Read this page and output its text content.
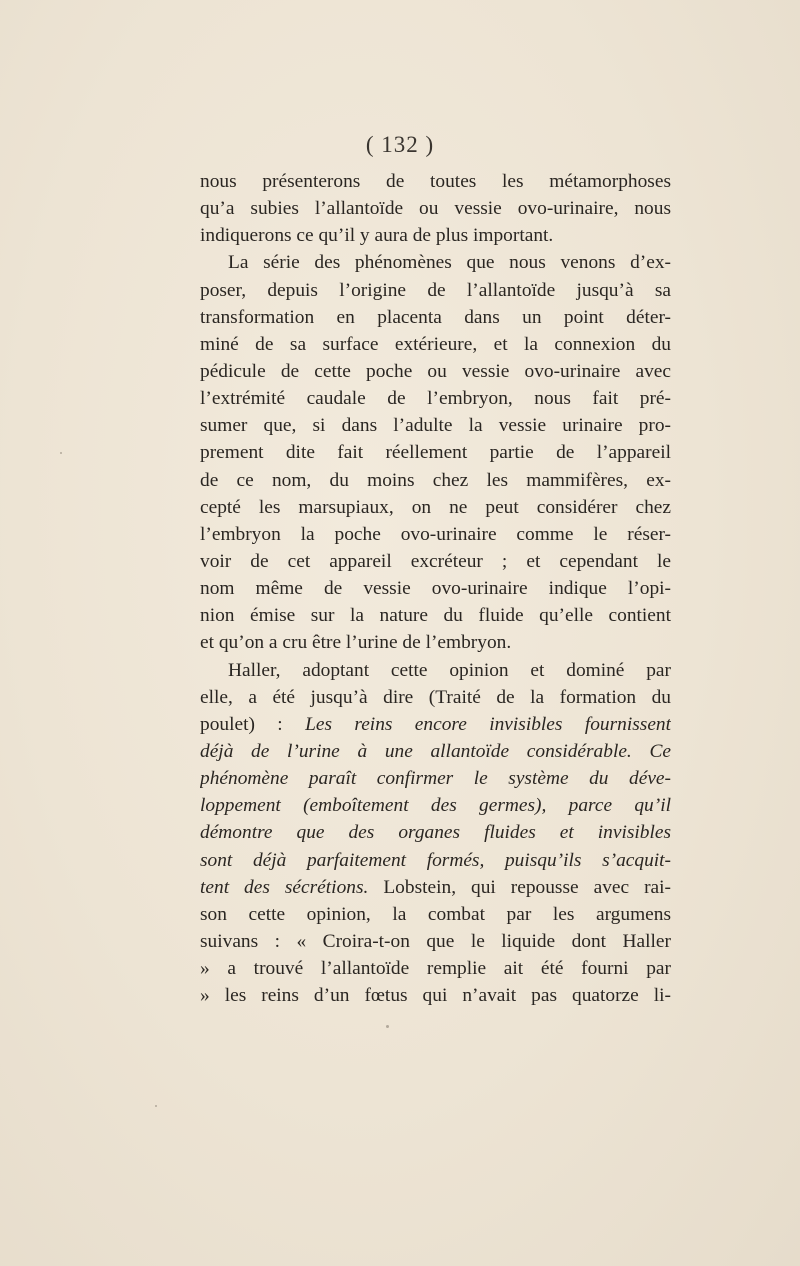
( 132 )
nous présenterons de toutes les métamorphoses
qu’a subies l’allantoïde ou vessie ovo-urinaire, nous
indiquerons ce qu’il y aura de plus important.
La série des phénomènes que nous venons d’ex-
poser, depuis l’origine de l’allantoïde jusqu’à sa
transformation en placenta dans un point déter-
miné de sa surface extérieure, et la connexion du
pédicule de cette poche ou vessie ovo-urinaire avec
l’extrémité caudale de l’embryon, nous fait pré-
sumer que, si dans l’adulte la vessie urinaire pro-
prement dite fait réellement partie de l’appareil
de ce nom, du moins chez les mammifères, ex-
cepté les marsupiaux, on ne peut considérer chez
l’embryon la poche ovo-urinaire comme le réser-
voir de cet appareil excréteur ; et cependant le
nom même de vessie ovo-urinaire indique l’opi-
nion émise sur la nature du fluide qu’elle contient
et qu’on a cru être l’urine de l’embryon.
Haller, adoptant cette opinion et dominé par
elle, a été jusqu’à dire (Traité de la formation du
poulet) : Les reins encore invisibles fournissent
déjà de l’urine à une allantoïde considérable. Ce
phénomène paraît confirmer le système du déve-
loppement (emboîtement des germes), parce qu’il
démontre que des organes fluides et invisibles
sont déjà parfaitement formés, puisqu’ils s’acquit-
tent des sécrétions. Lobstein, qui repousse avec rai-
son cette opinion, la combat par les argumens
suivans : « Croira-t-on que le liquide dont Haller
» a trouvé l’allantoïde remplie ait été fourni par
» les reins d’un fœtus qui n’avait pas quatorze li-
